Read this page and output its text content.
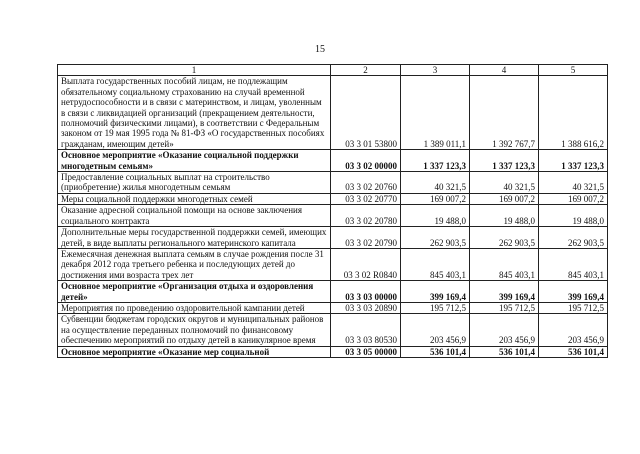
15
1	2	3	4	5
Выплата государственных пособий лицам, не подлежащим обязательному социальному страхованию на случай временной нетрудоспособности и в связи с материнством, и лицам, уволенным в связи с ликвидацией организаций (прекращением деятельности, полномочий физическими лицами), в соответствии с Федеральным законом от 19 мая 1995 года № 81-ФЗ «О государственных пособиях гражданам, имеющим детей»	03 3 01 53800	1 389 011,1	1 392 767,7	1 388 616,2
Основное мероприятие «Оказание социальной поддержки многодетным семьям»	03 3 02 00000	1 337 123,3	1 337 123,3	1 337 123,3
Предоставление социальных выплат на строительство (приобретение) жилья многодетным семьям	03 3 02 20760	40 321,5	40 321,5	40 321,5
Меры социальной поддержки многодетных семей	03 3 02 20770	169 007,2	169 007,2	169 007,2
Оказание адресной социальной помощи на основе заключения социального контракта	03 3 02 20780	19 488,0	19 488,0	19 488,0
Дополнительные меры государственной поддержки семей, имеющих детей, в виде выплаты регионального материнского капитала	03 3 02 20790	262 903,5	262 903,5	262 903,5
Ежемесячная денежная выплата семьям в случае рождения после 31 декабря 2012 года третьего ребенка и последующих детей до достижения ими возраста трех лет	03 3 02 R0840	845 403,1	845 403,1	845 403,1
Основное мероприятие «Организация отдыха и оздоровления детей»	03 3 03 00000	399 169,4	399 169,4	399 169,4
Мероприятия по проведению оздоровительной кампании детей	03 3 03 20890	195 712,5	195 712,5	195 712,5
Субвенции бюджетам городских округов и муниципальных районов на осуществление переданных полномочий по финансовому обеспечению мероприятий по отдыху детей в каникулярное время	03 3 03 80530	203 456,9	203 456,9	203 456,9
Основное мероприятие «Оказание мер социальной	03 3 05 00000	536 101,4	536 101,4	536 101,4
